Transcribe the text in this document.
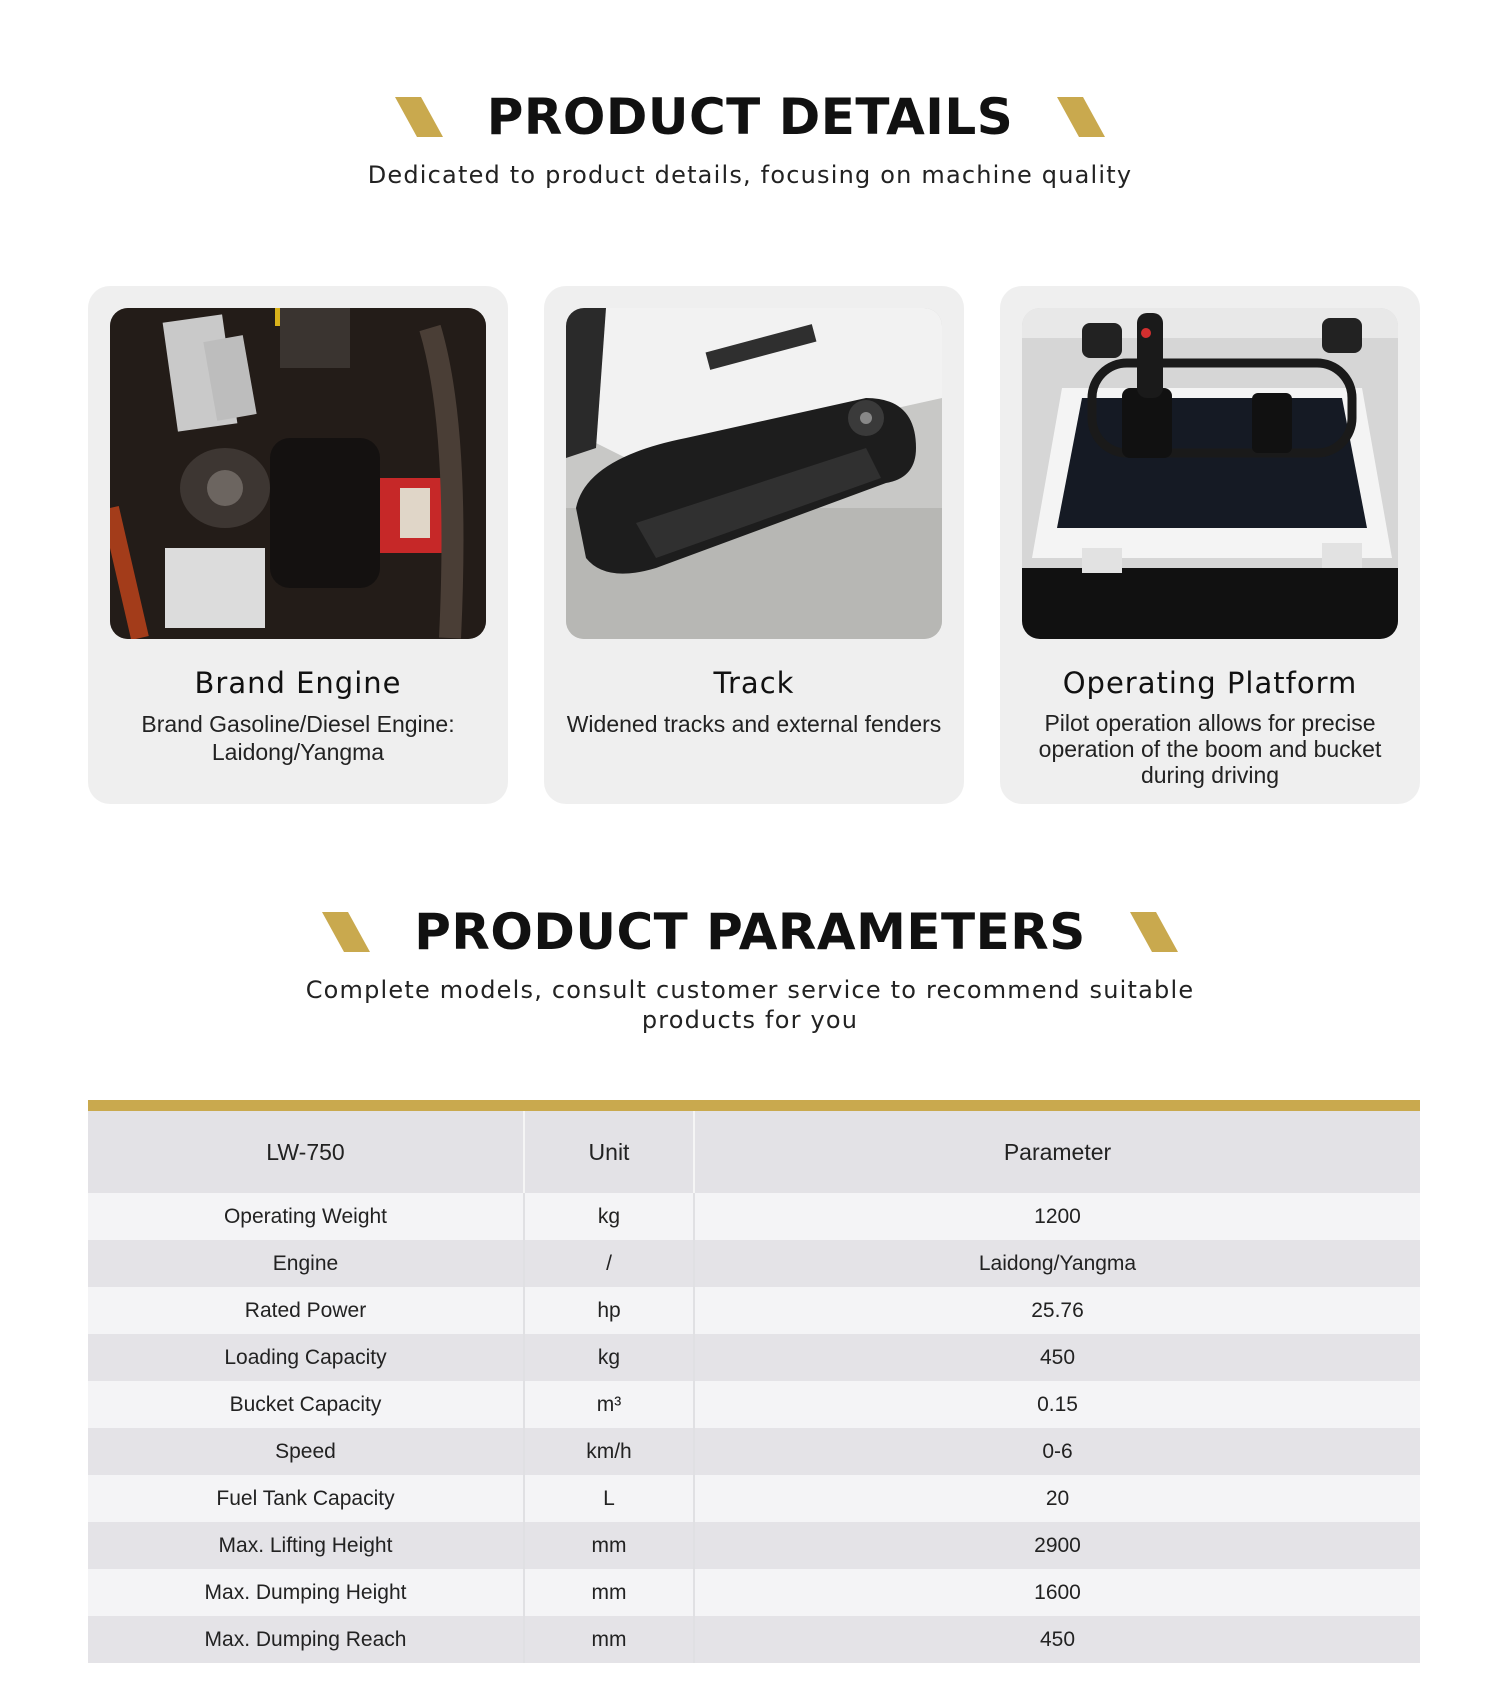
PRODUCT DETAILS
Dedicated to product details, focusing on machine quality
Brand Engine
Brand Gasoline/Diesel Engine: Laidong/Yangma
Track
Widened tracks and external fenders
Operating Platform
Pilot operation allows for precise operation of the boom and bucket during driving
PRODUCT PARAMETERS
Complete models, consult customer service to recommend suitable
products for you
LW-750	Unit	Parameter
Operating Weight	kg	1200
Engine	/	Laidong/Yangma
Rated Power	hp	25.76
Loading Capacity	kg	450
Bucket Capacity	m³	0.15
Speed	km/h	0-6
Fuel Tank Capacity	L	20
Max. Lifting Height	mm	2900
Max. Dumping Height	mm	1600
Max. Dumping Reach	mm	450
